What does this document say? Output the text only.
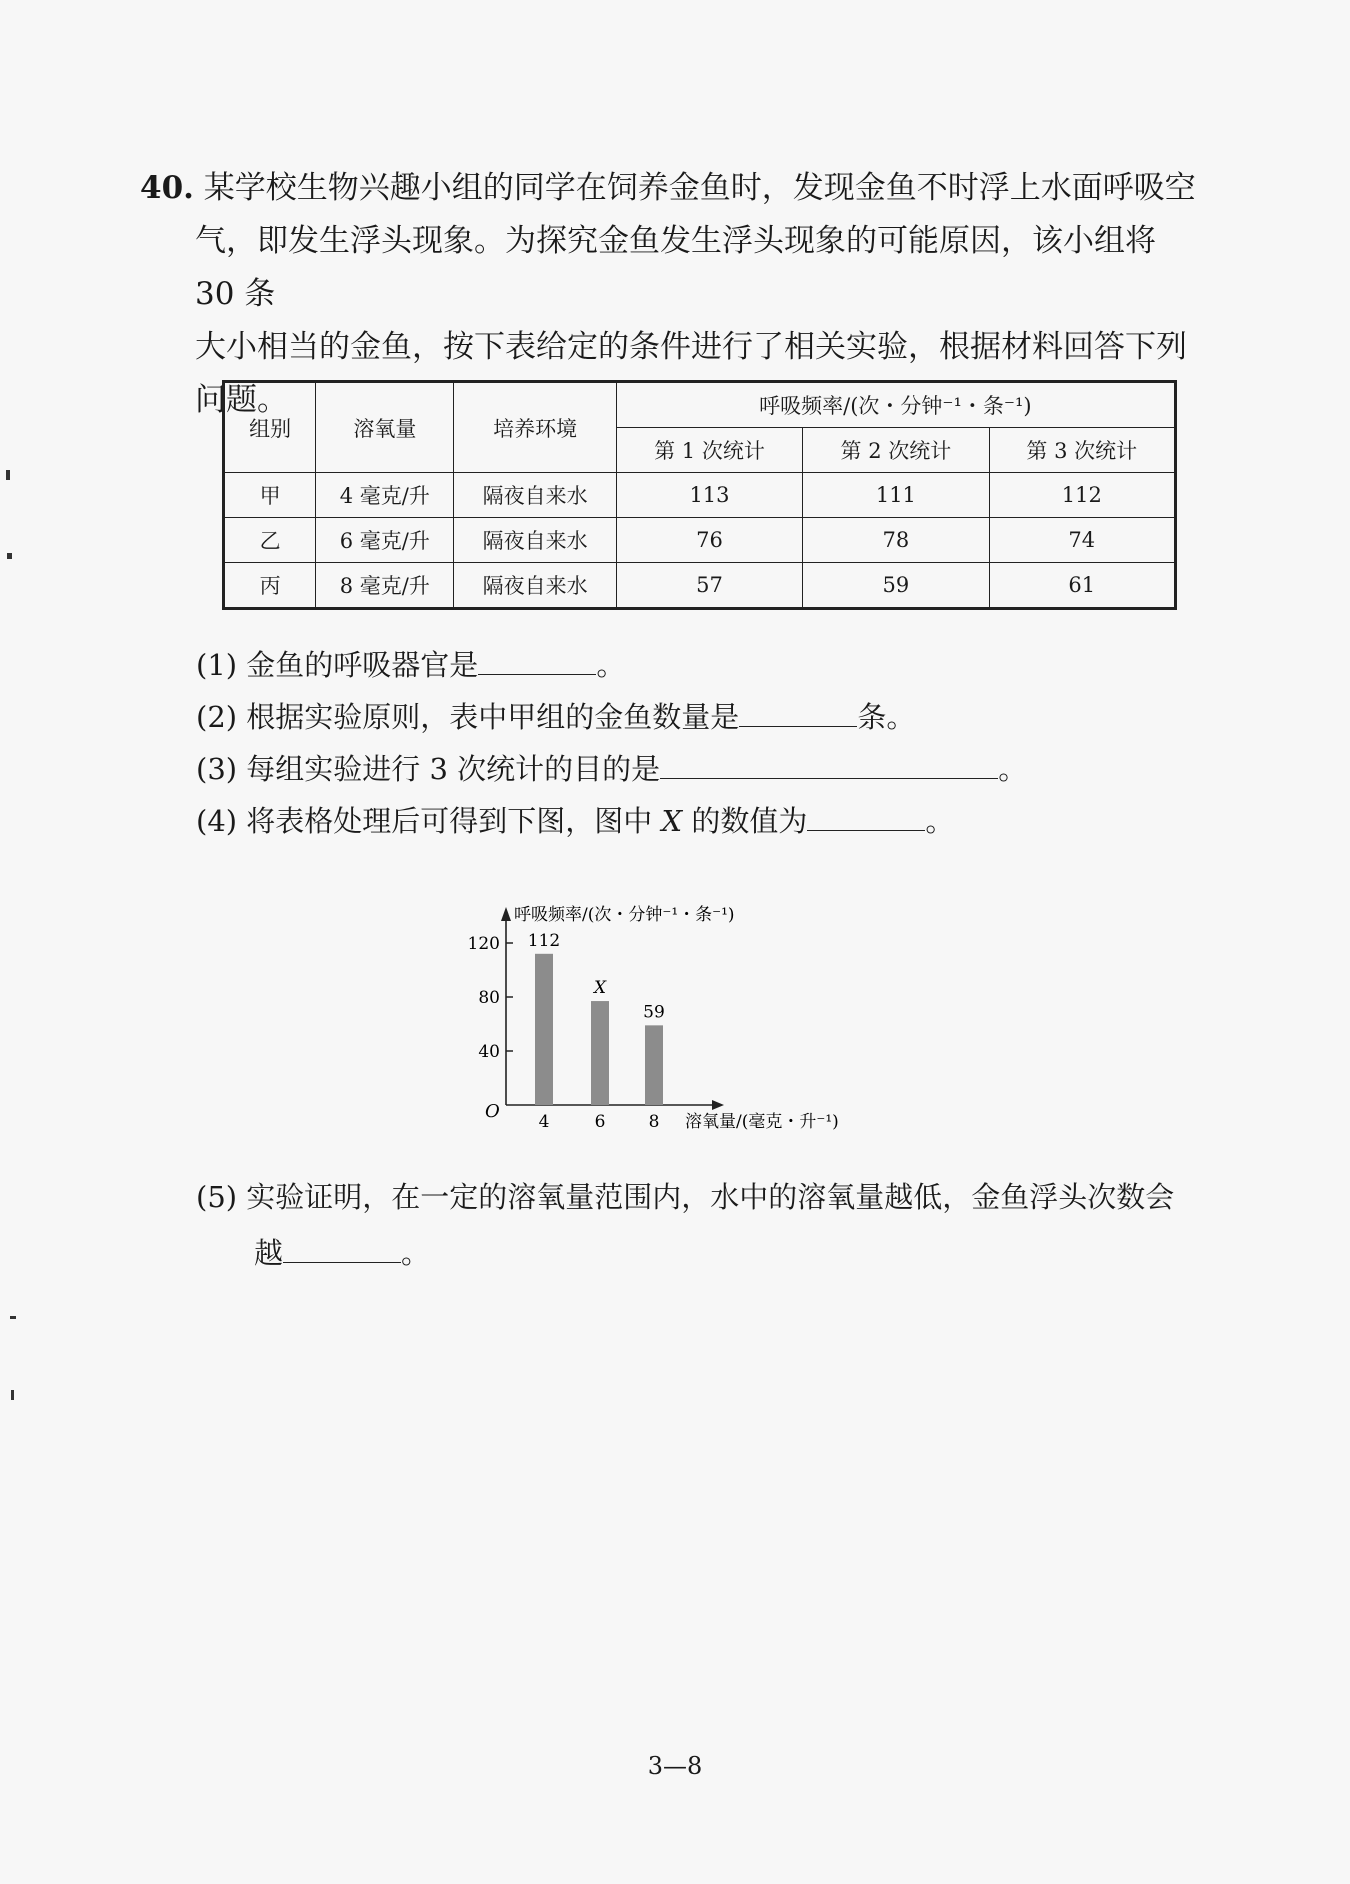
40. 某学校生物兴趣小组的同学在饲养金鱼时，发现金鱼不时浮上水面呼吸空
气，即发生浮头现象。为探究金鱼发生浮头现象的可能原因，该小组将 30 条
大小相当的金鱼，按下表给定的条件进行了相关实验，根据材料回答下列
问题。
组别	溶氧量	培养环境	呼吸频率/(次・分钟⁻¹・条⁻¹)		
			第 1 次统计	第 2 次统计	第 3 次统计
甲	4 毫克/升	隔夜自来水	113	111	112
乙	6 毫克/升	隔夜自来水	76	78	74
丙	8 毫克/升	隔夜自来水	57	59	61
(1) 金鱼的呼吸器官是	。
(2) 根据实验原则，表中甲组的金鱼数量是	条。
(3) 每组实验进行 3 次统计的目的是	。
(4) 将表格处理后可得到下图，图中 X 的数值为	。
呼吸频率/(次・分钟⁻¹・条⁻¹)
溶氧量/(毫克・升⁻¹)
O
40
80
120 112
4
X
6
59
8
(5) 实验证明，在一定的溶氧量范围内，水中的溶氧量越低，金鱼浮头次数会
越	。
3—8
